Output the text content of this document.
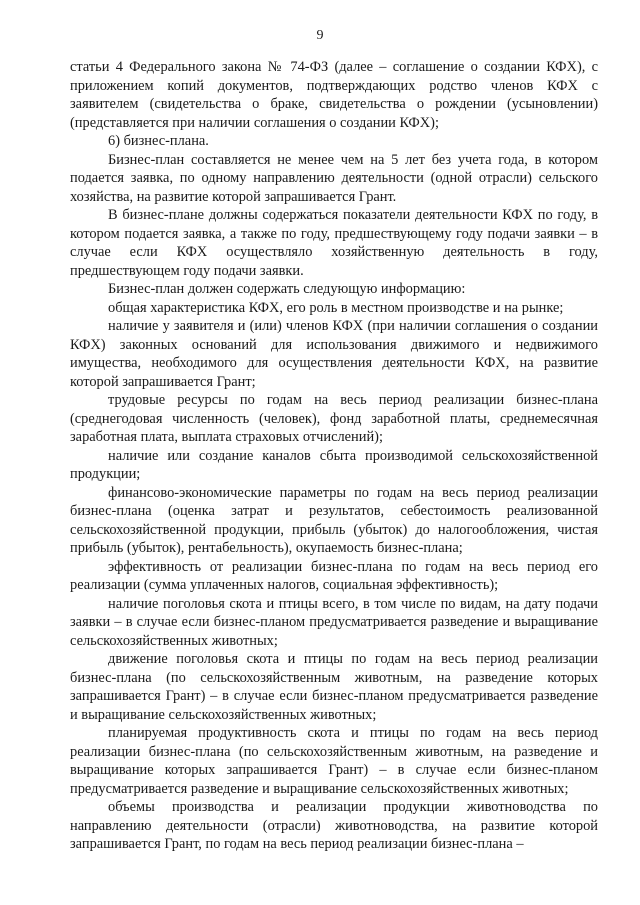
9

статьи 4 Федерального закона № 74-ФЗ (далее – соглашение о создании КФХ), с приложением копий документов, подтверждающих родство членов КФХ с заявителем (свидетельства о браке, свидетельства о рождении (усыновлении) (представляется при наличии соглашения о создании КФХ);

6) бизнес-плана.

Бизнес-план составляется не менее чем на 5 лет без учета года, в котором подается заявка, по одному направлению деятельности (одной отрасли) сельского хозяйства, на развитие которой запрашивается Грант.

В бизнес-плане должны содержаться показатели деятельности КФХ по году, в котором подается заявка, а также по году, предшествующему году подачи заявки – в случае если КФХ осуществляло хозяйственную деятельность в году, предшествующем году подачи заявки.

Бизнес-план должен содержать следующую информацию:

общая характеристика КФХ, его роль в местном производстве и на рынке;

наличие у заявителя и (или) членов КФХ (при наличии соглашения о создании КФХ) законных оснований для использования движимого и недвижимого имущества, необходимого для осуществления деятельности КФХ, на развитие которой запрашивается Грант;

трудовые ресурсы по годам на весь период реализации бизнес-плана (среднегодовая численность (человек), фонд заработной платы, среднемесячная заработная плата, выплата страховых отчислений);

наличие или создание каналов сбыта производимой сельскохозяйственной продукции;

финансово-экономические параметры по годам на весь период реализации бизнес-плана (оценка затрат и результатов, себестоимость реализованной сельскохозяйственной продукции, прибыль (убыток) до налогообложения, чистая прибыль (убыток), рентабельность), окупаемость бизнес-плана;

эффективность от реализации бизнес-плана по годам на весь период его реализации (сумма уплаченных налогов, социальная эффективность);

наличие поголовья скота и птицы всего, в том числе по видам, на дату подачи заявки – в случае если бизнес-планом предусматривается разведение и выращивание сельскохозяйственных животных;

движение поголовья скота и птицы по годам на весь период реализации бизнес-плана (по сельскохозяйственным животным, на разведение которых запрашивается Грант) – в случае если бизнес-планом предусматривается разведение и выращивание сельскохозяйственных животных;

планируемая продуктивность скота и птицы по годам на весь период реализации бизнес-плана (по сельскохозяйственным животным, на разведение и выращивание которых запрашивается Грант) – в случае если бизнес-планом предусматривается разведение и выращивание сельскохозяйственных животных;

объемы производства и реализации продукции животноводства по направлению деятельности (отрасли) животноводства, на развитие которой запрашивается Грант, по годам на весь период реализации бизнес-плана –
